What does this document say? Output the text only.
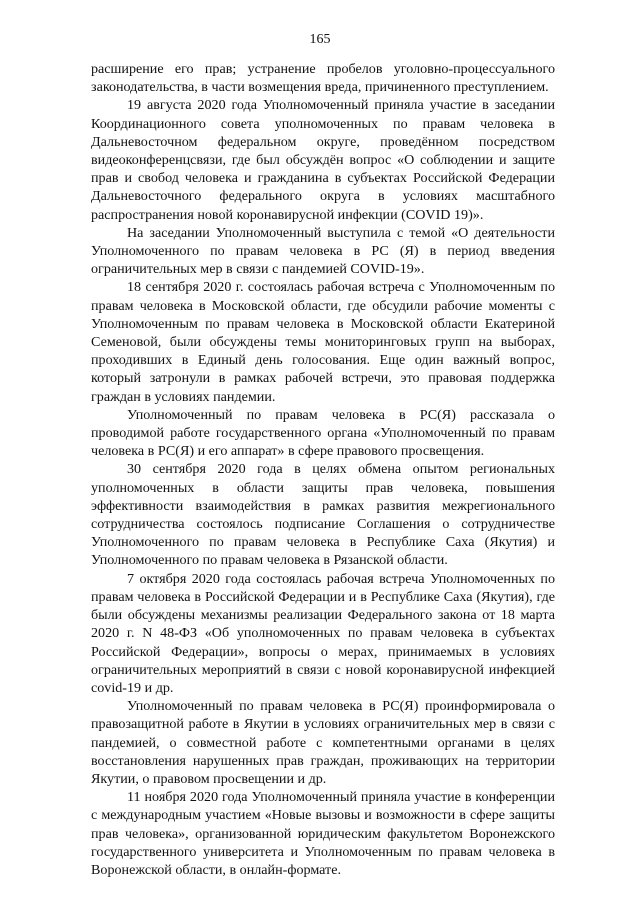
165

расширение его прав; устранение пробелов уголовно-процессуального законодательства, в части возмещения вреда, причиненного преступлением.

19 августа 2020 года Уполномоченный приняла участие в заседании Координационного совета уполномоченных по правам человека в Дальневосточном федеральном округе, проведённом посредством видеоконференцсвязи, где был обсуждён вопрос «О соблюдении и защите прав и свобод человека и гражданина в субъектах Российской Федерации Дальневосточного федерального округа в условиях масштабного распространения новой коронавирусной инфекции (COVID 19)».

На заседании Уполномоченный выступила с темой «О деятельности Уполномоченного по правам человека в РС (Я) в период введения ограничительных мер в связи с пандемией COVID-19».

18 сентября 2020 г. состоялась рабочая встреча с Уполномоченным по правам человека в Московской области, где обсудили рабочие моменты с Уполномоченным по правам человека в Московской области Екатериной Семеновой, были обсуждены темы мониторинговых групп на выборах, проходивших в Единый день голосования. Еще один важный вопрос, который затронули в рамках рабочей встречи, это правовая поддержка граждан в условиях пандемии.

Уполномоченный по правам человека в РС(Я) рассказала о проводимой работе государственного органа «Уполномоченный по правам человека в РС(Я) и его аппарат» в сфере правового просвещения.

30 сентября 2020 года в целях обмена опытом региональных уполномоченных в области защиты прав человека, повышения эффективности взаимодействия в рамках развития межрегионального сотрудничества состоялось подписание Соглашения о сотрудничестве Уполномоченного по правам человека в Республике Саха (Якутия) и Уполномоченного по правам человека в Рязанской области.

7 октября 2020 года состоялась рабочая встреча Уполномоченных по правам человека в Российской Федерации и в Республике Саха (Якутия), где были обсуждены механизмы реализации Федерального закона от 18 марта 2020 г. N 48-ФЗ «Об уполномоченных по правам человека в субъектах Российской Федерации», вопросы о мерах, принимаемых в условиях ограничительных мероприятий в связи с новой коронавирусной инфекцией covid-19 и др.

Уполномоченный по правам человека в РС(Я) проинформировала о правозащитной работе в Якутии в условиях ограничительных мер в связи с пандемией, о совместной работе с компетентными органами в целях восстановления нарушенных прав граждан, проживающих на территории Якутии, о правовом просвещении и др.

11 ноября 2020 года Уполномоченный приняла участие в конференции с международным участием «Новые вызовы и возможности в сфере защиты прав человека», организованной юридическим факультетом Воронежского государственного университета и Уполномоченным по правам человека в Воронежской области, в онлайн-формате.
